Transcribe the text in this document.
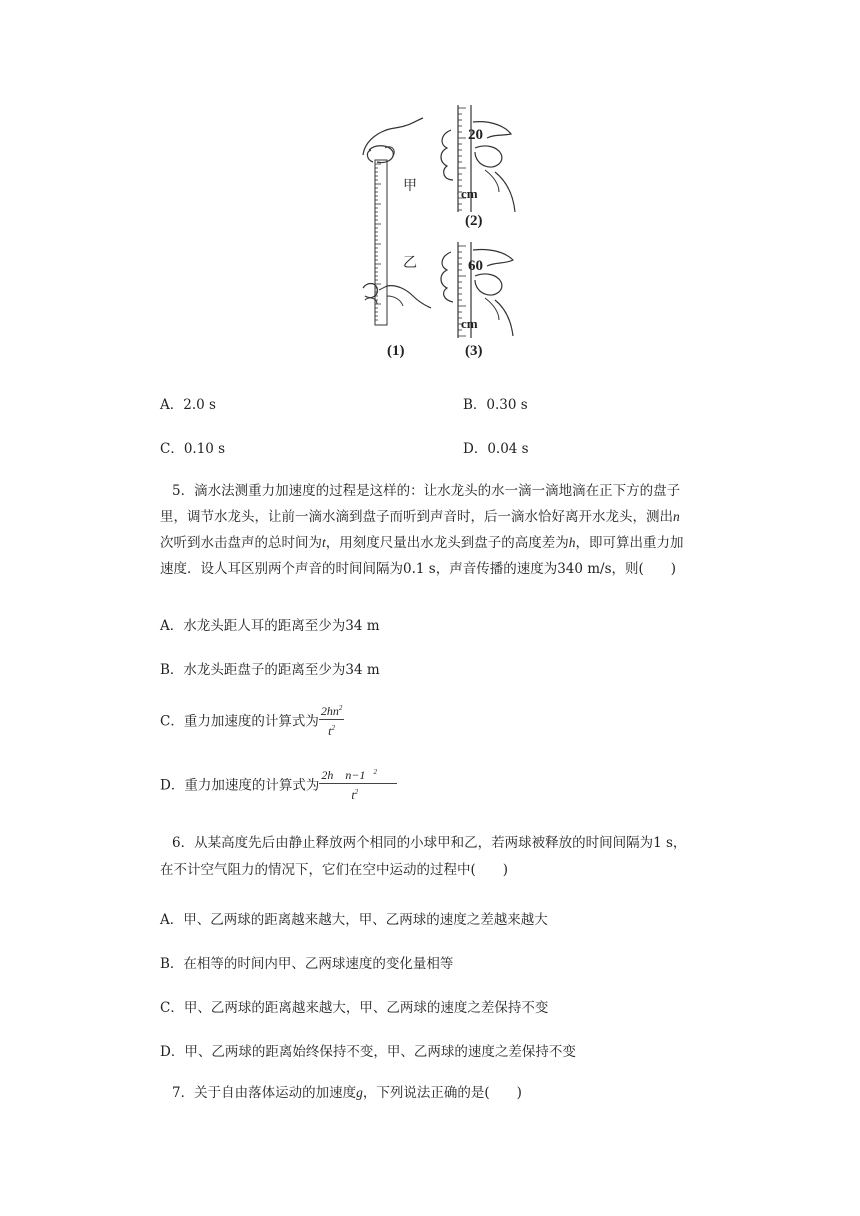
甲
乙
20
cm
(2)
60
cm
(1)	(3)
A．2.0 s	B．0.30 s
C．0.10 s	D．0.04 s
5．滴水法测重力加速度的过程是这样的：让水龙头的水一滴一滴地滴在正下方的盘子
里，调节水龙头，让前一滴水滴到盘子而听到声音时，后一滴水恰好离开水龙头，测出n
次听到水击盘声的总时间为t，用刻度尺量出水龙头到盘子的高度差为h，即可算出重力加
速度．设人耳区别两个声音的时间间隔为0.1 s，声音传播的速度为340 m/s，则(　　)
A．水龙头距人耳的距离至少为34 m
B．水龙头距盘子的距离至少为34 m
C．重力加速度的计算式为 $\frac{2hn^2}{t^2}$
D．重力加速度的计算式为 $\frac{2h n-1 ^2}{t^2}$
6．从某高度先后由静止释放两个相同的小球甲和乙，若两球被释放的时间间隔为1 s，
在不计空气阻力的情况下，它们在空中运动的过程中(　　)
A．甲、乙两球的距离越来越大，甲、乙两球的速度之差越来越大
B．在相等的时间内甲、乙两球速度的变化量相等
C．甲、乙两球的距离越来越大，甲、乙两球的速度之差保持不变
D．甲、乙两球的距离始终保持不变，甲、乙两球的速度之差保持不变
7．关于自由落体运动的加速度g，下列说法正确的是(　　)
